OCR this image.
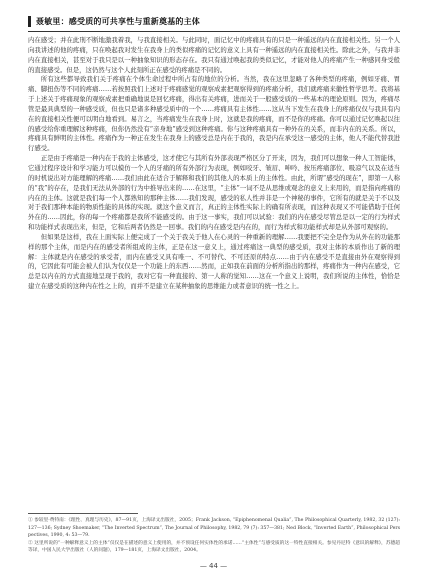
聂敏里：感受质的可共享性与重新奠基的主体

内在感受；并在此刑不断地激我着我，与我直接相关。与此同时，面记忆中的疼痛具有的只是一种遥远的内在直接相关性。另一个人向我讲述的他的疼痛，只在唤起我对发生在我身上的类似疼痛的记忆的意义上具有一种遥远的内在直接相关性。除此之外，与我并非内在直接相关，甚至对于我只是以一种抽象知识的形态存在。我只有通过唤起我的类似记忆，才能对他人的疼痛产生一种感同身受般的直接感受。但是，这仍然与这个人此刻所正在感受的疼痛是不同的。

所有这些都导致我们关于疼痛在个体生命过程中所占有的地位的分析。当然，我在这里忽略了各种类型的疼痛，例如牙痛、胃痛、脚扭伤等不同的疼痛……若按照我们上述对于疼痛感觉的观察成素把观察得到的疼痛分析，我们就疼痛来徽性哲学思考。我将基于上述关于疼痛现象的观察成素把重确地说是回忆疼痛，得出有关疼痛，进而关于一般感受质的一些基本的理论原则。因为，疼痛尽管是最具典型的一种感受质，但也只是诸多种感受质中的一个……疼痛具有主体性……这从当下发生在我身上的疼痛仅仅与我具有内在的直接相关性便可以明白地看到。易言之，当疼痛发生在我身上时，这就是我的疼痛，而不是你的疼痛。你可以通过记忆唤起以往的感受给你重理解这种疼痛，但你仍然没有“亲身地”感受到这种疼痛。你与这种疼痛具有一种外在的关系，而非内在的关系。所以，疼痛具有鲜明的主体性。疼痛作为一种正在发生在我身上的感受总是内在于我的，我是内在承受这一感受的主体，他人不能代替我进行感受。

正是由于疼痛是一种内在于我的主体感受，这才使它与其所有外部表现严格区分了开来，因为，我们可以想象一种人工智能体，它通过程序设计和学习能力可以模仿一个人的牙痛的所有外部行为表现，例如咬牙、皱眉、呻吟、按压疼痛部位、吸凉气以及在适当的时机说出对方能理解的疼痛……我们由此在适合于解释和我们的其他人的本质上的主体性。由此，所谓“感受的现在”，即第一人称的“我”的存在，是我们无法从外部的行为中推导出来的……在这里，“主体”一词不是从思维或观念的意义上来用的，而是指向疼痛的内在的主体。这就是我们每一个人都熟知的那种主体……我们发现，感受的私人性并非是一个神秘的事件，它所有的就是关于不以及对于我们那种本能的物质性能的具体的实现。就这个意义而言，真正的主体性实际上的确有所表现，而这种表现又不可能借助于任何外在的……因此，你的每一个疼痛都是我所不能感受的。由于这一事实，我们可以试验：我们的内在感受尽管总是以一定的行为样式和功能样式表现出来，但是，它和后两者仍然是一回事。我们的内在感受是内在的，而行为样式和功能样式却是从外部可观察的。

但如果是这样，我在上面实际上便完成了一个关于我关于他人在心灵的一种重新的理解……我要把不完全是作为从外在的功能那样的那个主体，而是内在的感受者所组成的主体，正是在这一意义上，通过疼痛这一典型的感受质，我对主体的本质作出了新的理解：主体就是内在感受的承受者，而内在感受又具有唯一、不可替代、不可还原的特点……由于内在感受不是直接由外在观察得到的，它因此有可能会被人们认为仅仅是一个功能上的东西……然而，正如我在前面的分析所指出的那样，疼痛作为一种内在感受，它总是以内在的方式直接地呈现于我的，我对它有一种直接的、第一人称的觉知……这在一个意义上说明，我们所说的主体性，恰恰是建立在感受质的这种内在性之上的，而并不是建立在某种抽象的思维能力或者意识的统一性之上。

① 参较里·费特南：《理性、真理与历史》，87—91页，上海译文出版社，2005；Frank Jackson, “Epiphenomenal Qualia”, The Philosophical Quarterly, 1982, 32 (127): 127—136; Sydney Shoemaker, “The Inverted Spectrum”, The Journal of Philosophy, 1982, 79 (7): 357—381; Ned Block, “Inverted Earth”, Philosophical Perspectives, 1990, 4: 53—79.

② 这里所说的“一种解释意义上的主体”仅仅是在描述的意义上使用的，并不预设任何实体性的承诺……“主体性”与感受质的这一特性直接相关。参见丹尼特《意识的解释》，苏德超等译，中国人民大学出版社（人的问题），179—181页，上海译文出版社，2004。

— 44 —
